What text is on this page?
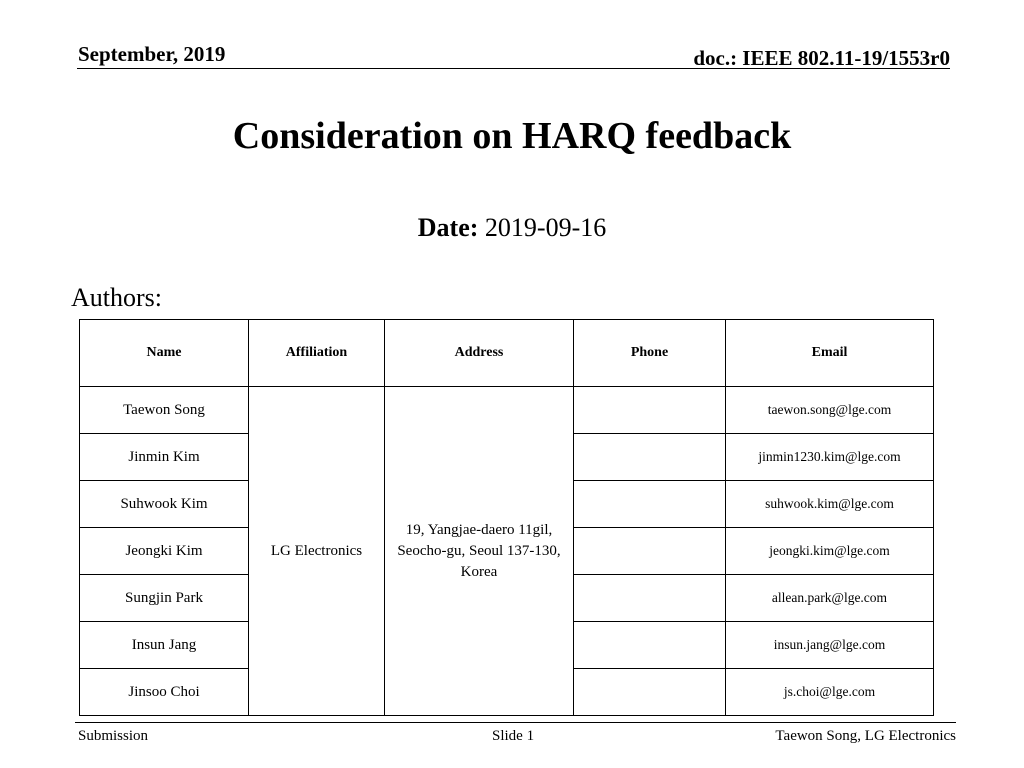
September, 2019	doc.: IEEE 802.11-19/1553r0
Consideration on HARQ feedback
Date: 2019-09-16
Authors:
Name	Affiliation	Address	Phone	Email
Taewon Song	LG Electronics	19, Yangjae-daero 11gil, Seocho-gu, Seoul 137-130, Korea		taewon.song@lge.com
Jinmin Kim				jinmin1230.kim@lge.com
Suhwook Kim				suhwook.kim@lge.com
Jeongki Kim				jeongki.kim@lge.com
Sungjin Park				allean.park@lge.com
Insun Jang				insun.jang@lge.com
Jinsoo Choi				js.choi@lge.com
Submission	Slide 1	Taewon Song, LG Electronics
